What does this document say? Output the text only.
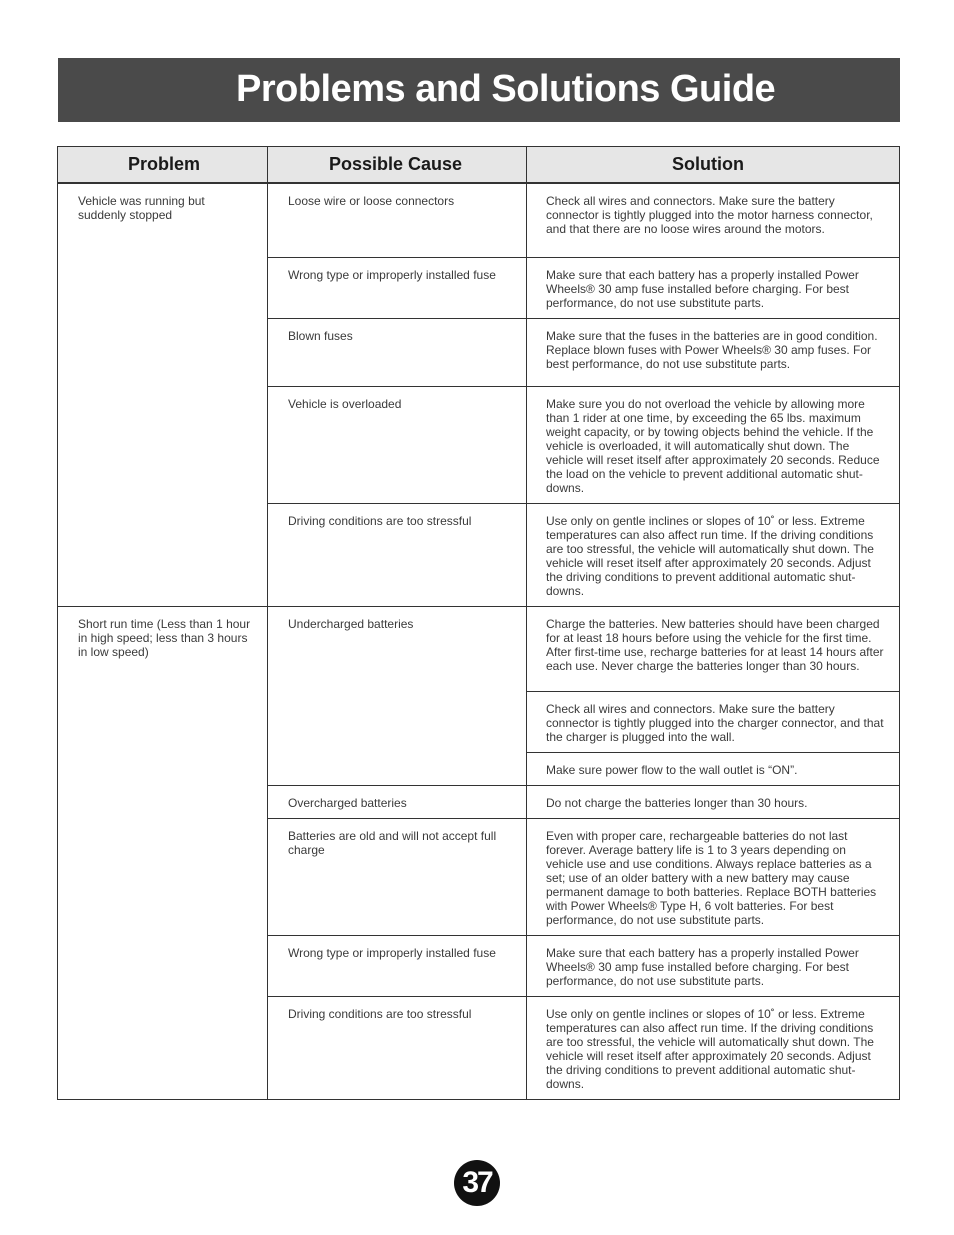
Problems and Solutions Guide
Problem	Possible Cause	Solution

Vehicle was running but suddenly stopped	Loose wire or loose connectors	Check all wires and connectors. Make sure the battery connector is tightly plugged into the motor harness connector, and that there are no loose wires around the motors.
	Wrong type or improperly installed fuse	Make sure that each battery has a properly installed Power Wheels® 30 amp fuse installed before charging. For best performance, do not use substitute parts.
	Blown fuses	Make sure that the fuses in the batteries are in good condition. Replace blown fuses with Power Wheels® 30 amp fuses. For best performance, do not use substitute parts.
	Vehicle is overloaded	Make sure you do not overload the vehicle by allowing more than 1 rider at one time, by exceeding the 65 lbs. maximum weight capacity, or by towing objects behind the vehicle. If the vehicle is overloaded, it will automatically shut down. The vehicle will reset itself after approximately 20 seconds. Reduce the load on the vehicle to prevent additional automatic shut-downs.
	Driving conditions are too stressful	Use only on gentle inclines or slopes of 10˚ or less. Extreme temperatures can also affect run time. If the driving conditions are too stressful, the vehicle will automatically shut down. The vehicle will reset itself after approximately 20 seconds. Adjust the driving conditions to prevent additional automatic shut-downs.
Short run time (Less than 1 hour in high speed; less than 3 hours in low speed)	Undercharged batteries	Charge the batteries. New batteries should have been charged for at least 18 hours before using the vehicle for the first time. After first-time use, recharge batteries for at least 14 hours after each use. Never charge the batteries longer than 30 hours.
		Check all wires and connectors. Make sure the battery connector is tightly plugged into the charger connector, and that the charger is plugged into the wall.
		Make sure power flow to the wall outlet is “ON”.
	Overcharged batteries	Do not charge the batteries longer than 30 hours.
	Batteries are old and will not accept full charge	Even with proper care, rechargeable batteries do not last forever. Average battery life is 1 to 3 years depending on vehicle use and use conditions. Always replace batteries as a set; use of an older battery with a new battery may cause permanent damage to both batteries. Replace BOTH batteries with Power Wheels® Type H, 6 volt batteries. For best performance, do not use substitute parts.
	Wrong type or improperly installed fuse	Make sure that each battery has a properly installed Power Wheels® 30 amp fuse installed before charging. For best performance, do not use substitute parts.
	Driving conditions are too stressful	Use only on gentle inclines or slopes of 10˚ or less. Extreme temperatures can also affect run time. If the driving conditions are too stressful, the vehicle will automatically shut down. The vehicle will reset itself after approximately 20 seconds. Adjust the driving conditions to prevent additional automatic shut-downs.
37
